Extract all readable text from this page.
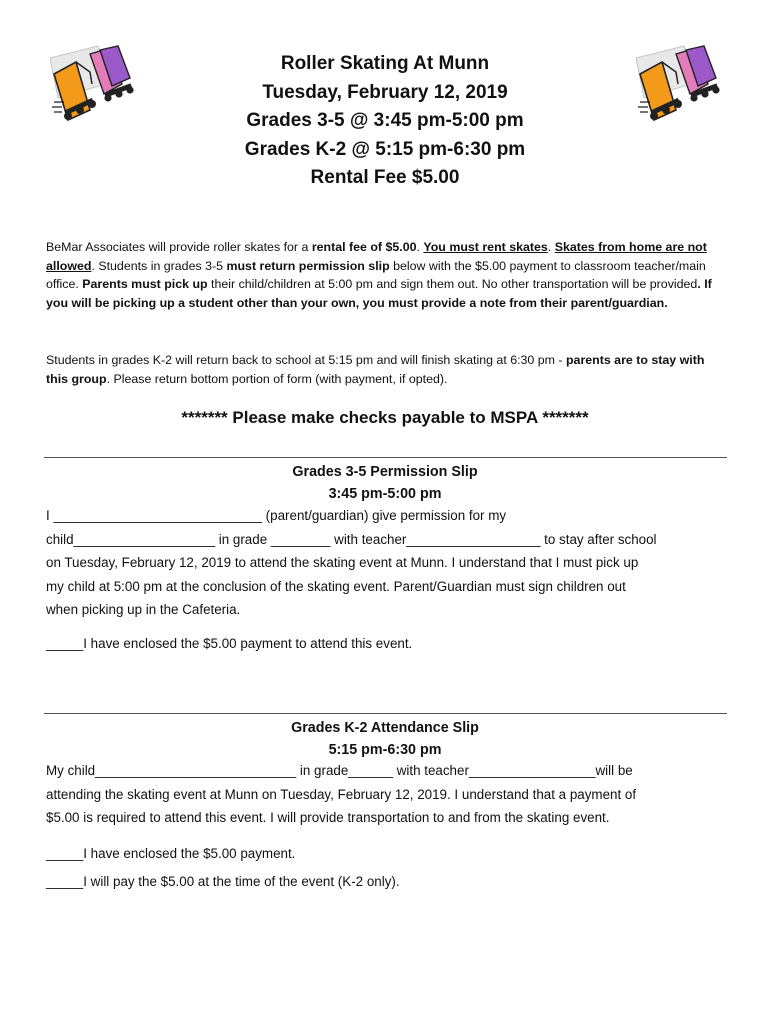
Roller Skating At Munn
Tuesday, February 12, 2019
Grades 3-5 @ 3:45 pm-5:00 pm
Grades K-2 @ 5:15 pm-6:30 pm
Rental Fee $5.00
BeMar Associates will provide roller skates for a rental fee of $5.00. You must rent skates. Skates from home are not allowed. Students in grades 3-5 must return permission slip below with the $5.00 payment to classroom teacher/main office. Parents must pick up their child/children at 5:00 pm and sign them out. No other transportation will be provided. If you will be picking up a student other than your own, you must provide a note from their parent/guardian.
Students in grades K-2 will return back to school at 5:15 pm and will finish skating at 6:30 pm - parents are to stay with this group. Please return bottom portion of form (with payment, if opted).
******* Please make checks payable to MSPA *******
Grades 3-5 Permission Slip
3:45 pm-5:00 pm
I ____________________________ (parent/guardian) give permission for my
child___________________ in grade ________ with teacher__________________ to stay after school
on Tuesday, February 12, 2019 to attend the skating event at Munn. I understand that I must pick up
my child at 5:00 pm at the conclusion of the skating event. Parent/Guardian must sign children out
when picking up in the Cafeteria.
_____I have enclosed the $5.00 payment to attend this event.
Grades K-2 Attendance Slip
5:15 pm-6:30 pm
My child___________________________ in grade______ with teacher_________________will be
attending the skating event at Munn on Tuesday, February 12, 2019. I understand that a payment of
$5.00 is required to attend this event. I will provide transportation to and from the skating event.
_____I have enclosed the $5.00 payment.
_____I will pay the $5.00 at the time of the event (K-2 only).
